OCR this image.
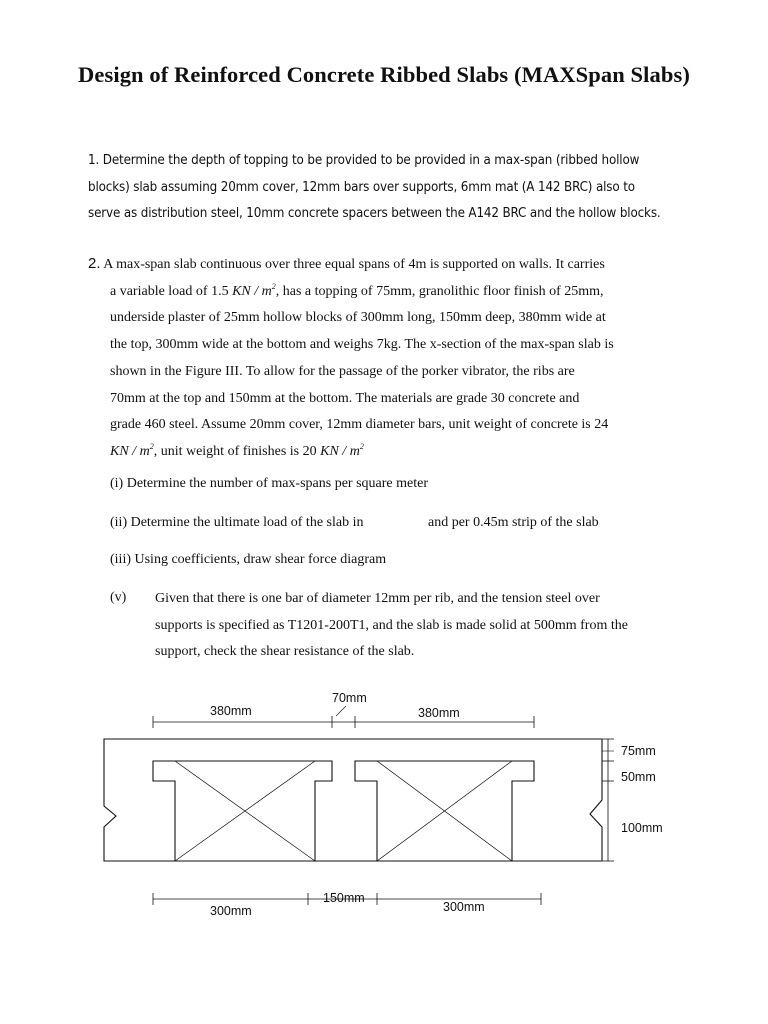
Design of Reinforced Concrete Ribbed Slabs (MAXSpan Slabs)
1. Determine the depth of topping to be provided to be provided in a max-span (ribbed hollow
blocks) slab assuming 20mm cover, 12mm bars over supports, 6mm mat (A 142 BRC) also to
serve as distribution steel, 10mm concrete spacers between the A142 BRC and the hollow blocks.
2. A max-span slab continuous over three equal spans of 4m is supported on walls. It carries
a variable load of 1.5 KN / $m^2$, has a topping of 75mm, granolithic floor finish of 25mm,
underside plaster of 25mm hollow blocks of 300mm long, 150mm deep, 380mm wide at
the top, 300mm wide at the bottom and weighs 7kg. The x-section of the max-span slab is
shown in the Figure III. To allow for the passage of the porker vibrator, the ribs are
70mm at the top and 150mm at the bottom. The materials are grade 30 concrete and
grade 460 steel. Assume 20mm cover, 12mm diameter bars, unit weight of concrete is 24
KN / $m^2$, unit weight of finishes is 20 KN / $m^2$
(i) Determine the number of max-spans per square meter
(ii) Determine the ultimate load of the slab in	and per 0.45m strip of the slab
(iii) Using coefficients, draw shear force diagram
(v) Given that there is one bar of diameter 12mm per rib, and the tension steel over
supports is specified as T1201-200T1, and the slab is made solid at 500mm from the
support, check the shear resistance of the slab.
380mm
70mm
380mm
300mm
150mm
300mm
75mm
50mm
100mm
